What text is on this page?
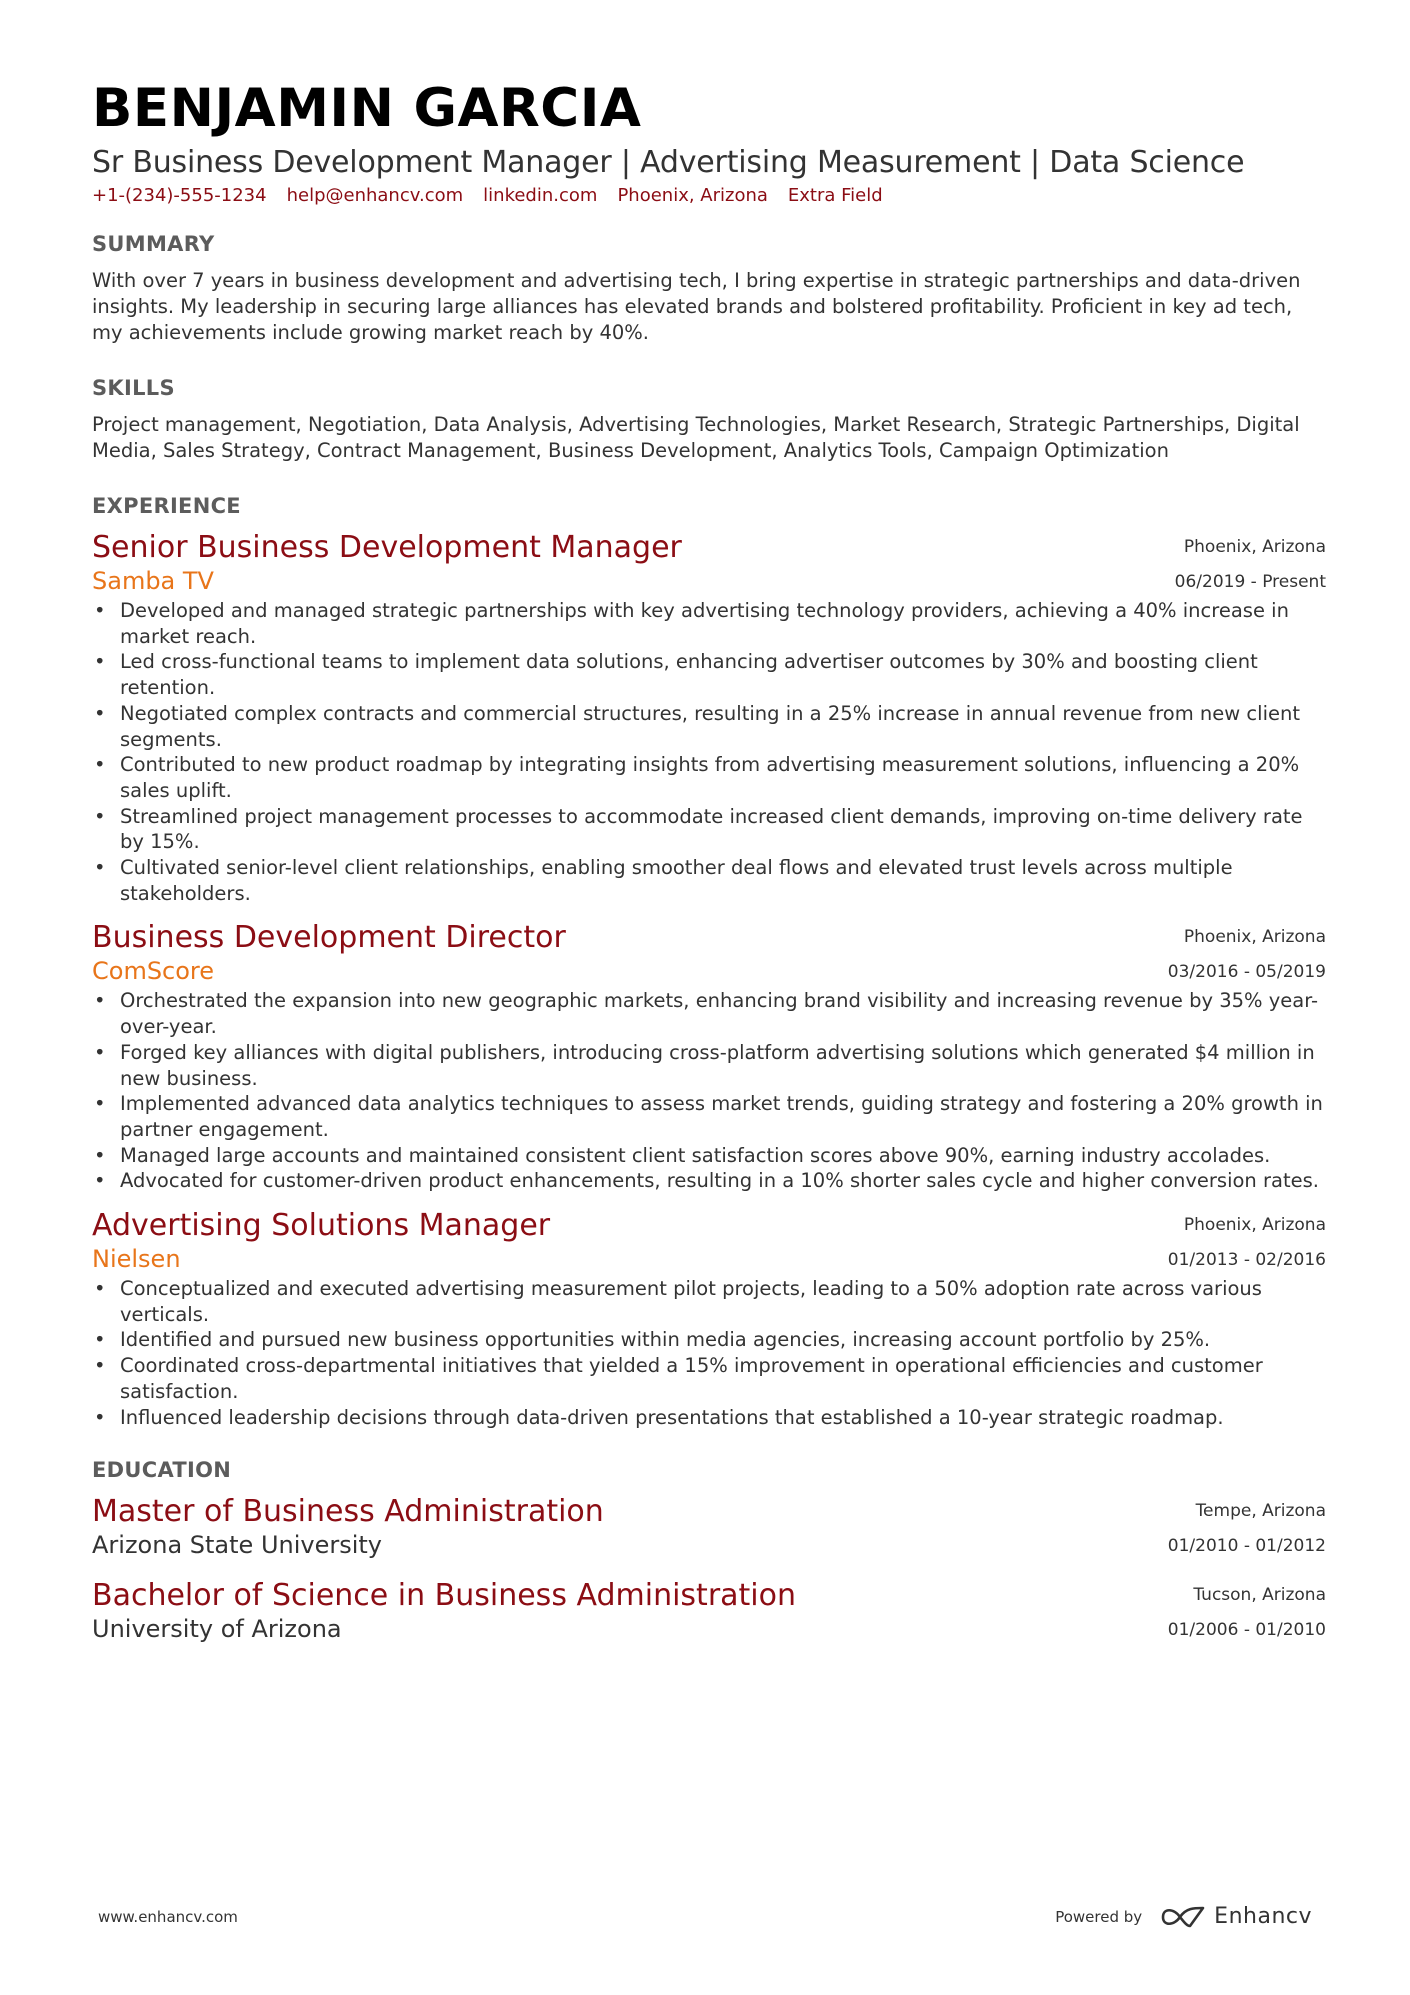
BENJAMIN GARCIA
Sr Business Development Manager | Advertising Measurement | Data Science
+1-(234)-555-1234 help@enhancv.com linkedin.com Phoenix, Arizona Extra Field
SUMMARY
With over 7 years in business development and advertising tech, I bring expertise in strategic partnerships and data-driven insights. My leadership in securing large alliances has elevated brands and bolstered profitability. Proficient in key ad tech, my achievements include growing market reach by 40%.
SKILLS
Project management, Negotiation, Data Analysis, Advertising Technologies, Market Research, Strategic Partnerships, Digital Media, Sales Strategy, Contract Management, Business Development, Analytics Tools, Campaign Optimization
EXPERIENCE
Senior Business Development Manager
Samba TV
Phoenix, Arizona
06/2019 - Present
• Developed and managed strategic partnerships with key advertising technology providers, achieving a 40% increase in market reach.
• Led cross-functional teams to implement data solutions, enhancing advertiser outcomes by 30% and boosting client retention.
• Negotiated complex contracts and commercial structures, resulting in a 25% increase in annual revenue from new client segments.
• Contributed to new product roadmap by integrating insights from advertising measurement solutions, influencing a 20% sales uplift.
• Streamlined project management processes to accommodate increased client demands, improving on-time delivery rate by 15%.
• Cultivated senior-level client relationships, enabling smoother deal flows and elevated trust levels across multiple stakeholders.
Business Development Director
ComScore
Phoenix, Arizona
03/2016 - 05/2019
• Orchestrated the expansion into new geographic markets, enhancing brand visibility and increasing revenue by 35% year-over-year.
• Forged key alliances with digital publishers, introducing cross-platform advertising solutions which generated $4 million in new business.
• Implemented advanced data analytics techniques to assess market trends, guiding strategy and fostering a 20% growth in partner engagement.
• Managed large accounts and maintained consistent client satisfaction scores above 90%, earning industry accolades.
• Advocated for customer-driven product enhancements, resulting in a 10% shorter sales cycle and higher conversion rates.
Advertising Solutions Manager
Nielsen
Phoenix, Arizona
01/2013 - 02/2016
• Conceptualized and executed advertising measurement pilot projects, leading to a 50% adoption rate across various verticals.
• Identified and pursued new business opportunities within media agencies, increasing account portfolio by 25%.
• Coordinated cross-departmental initiatives that yielded a 15% improvement in operational efficiencies and customer satisfaction.
• Influenced leadership decisions through data-driven presentations that established a 10-year strategic roadmap.
EDUCATION
Master of Business Administration
Arizona State University
Tempe, Arizona
01/2010 - 01/2012
Bachelor of Science in Business Administration
University of Arizona
Tucson, Arizona
01/2006 - 01/2010
www.enhancv.com	Powered by	Enhancv
